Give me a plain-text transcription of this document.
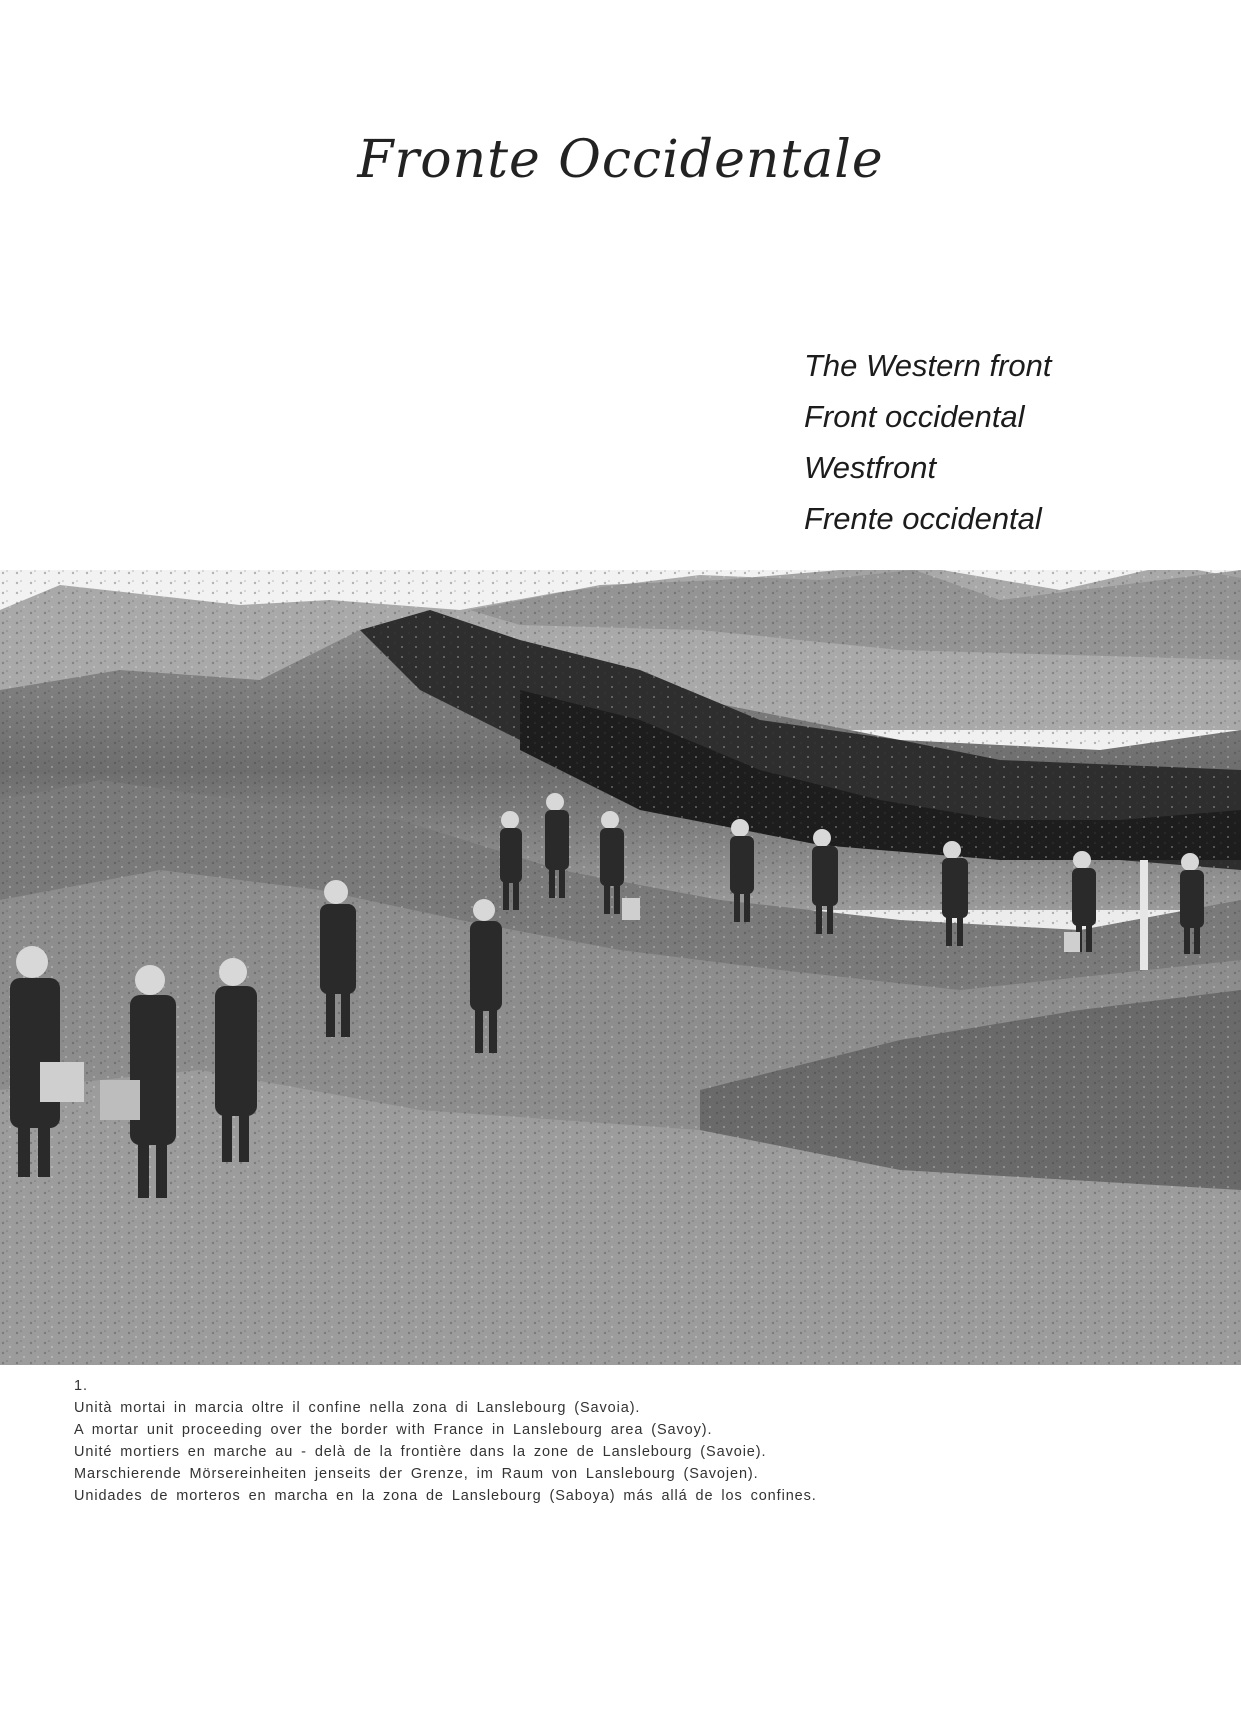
Fronte Occidentale
The Western front
Front occidental
Westfront
Frente occidental
1.
Unità mortai in marcia oltre il confine nella zona di Lanslebourg (Savoia).
A mortar unit proceeding over the border with France in Lanslebourg area (Savoy).
Unité mortiers en marche au - delà de la frontière dans la zone de Lanslebourg (Savoie).
Marschierende Mörsereinheiten jenseits der Grenze, im Raum von Lanslebourg (Savojen).
Unidades de morteros en marcha en la zona de Lanslebourg (Saboya) más allá de los confines.
